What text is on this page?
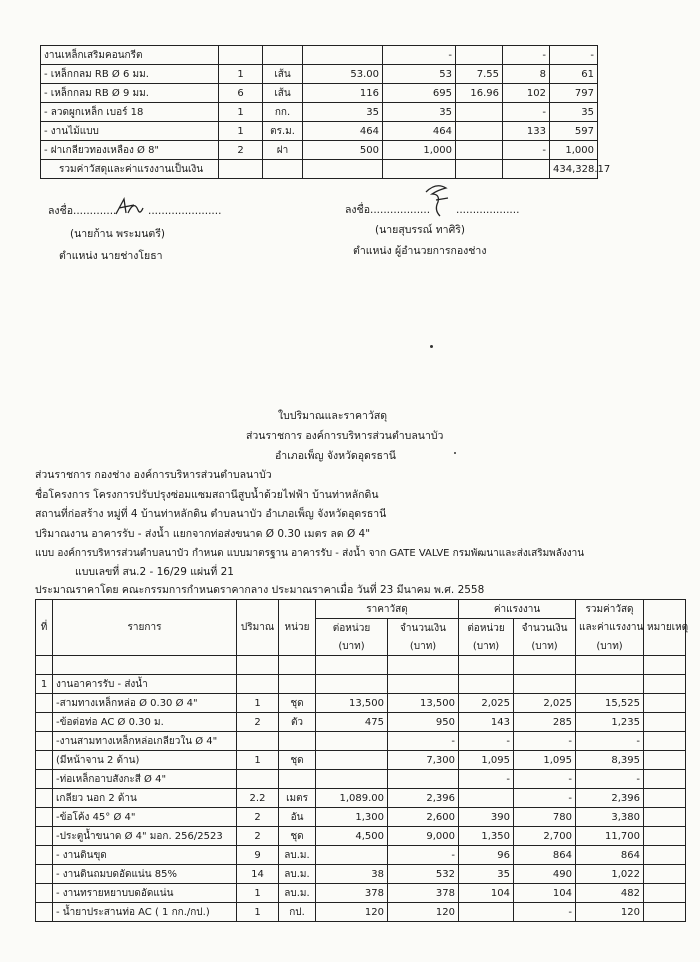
งานเหล็กเสริมคอนกรีต				-		-	-
- เหล็กกลม RB Ø 6 มม.	1	เส้น	53.00	53	7.55	8	61
- เหล็กกลม RB Ø 9 มม.	6	เส้น	116	695	16.96	102	797
- ลวดผูกเหล็ก เบอร์ 18	1	กก.	35	35		-	35
- งานไม้แบบ	1	ตร.ม.	464	464		133	597
- ฝาเกลียวทองเหลือง Ø 8"	2	ฝา	500	1,000		-	1,000
รวมค่าวัสดุและค่าแรงงานเป็นเงิน							434,328.17
ลงชื่อ.............	......................
(นายก้าน พระมนตรี)
ตำแหน่ง นายช่างโยธา
ลงชื่อ.................. ...................
(นายสุบรรณ์ ทาศิริ)
ตำแหน่ง ผู้อำนวยการกองช่าง
ใบปริมาณและราคาวัสดุ
ส่วนราชการ องค์การบริหารส่วนตำบลนาบัว
อำเภอเพ็ญ จังหวัดอุดรธานี
ส่วนราชการ กองช่าง องค์การบริหารส่วนตำบลนาบัว
ชื่อโครงการ โครงการปรับปรุงซ่อมแซมสถานีสูบน้ำด้วยไฟฟ้า บ้านท่าหลักดิน
สถานที่ก่อสร้าง หมู่ที่ 4 บ้านท่าหลักดิน ตำบลนาบัว อำเภอเพ็ญ จังหวัดอุดรธานี
ปริมาณงาน อาคารรับ - ส่งน้ำ แยกจากท่อส่งขนาด Ø 0.30 เมตร ลด Ø 4"
แบบ องค์การบริหารส่วนตำบลนาบัว กำหนด แบบมาตรฐาน อาคารรับ - ส่งน้ำ จาก GATE VALVE กรมพัฒนาและส่งเสริมพลังงาน
แบบเลขที่ สน.2 - 16/29 แผ่นที่ 21
ประมาณราคาโดย คณะกรรมการกำหนดราคากลาง ประมาณราคาเมื่อ วันที่ 23 มีนาคม พ.ศ. 2558
ที่	รายการ	ปริมาณ	หน่วย	ราคาวัสดุ		ค่าแรงงาน		รวมค่าวัสดุ	หมายเหตุ
				ต่อหน่วย	จำนวนเงิน	ต่อหน่วย	จำนวนเงิน	และค่าแรงงาน	
				(บาท)	(บาท)	(บาท)	(บาท)	(บาท)	

1	งานอาคารรับ - ส่งน้ำ								
	-สามทางเหล็กหล่อ Ø 0.30 Ø 4"	1	ชุด	13,500	13,500	2,025	2,025	15,525	
	-ข้อต่อท่อ AC Ø 0.30 ม.	2	ตัว	475	950	143	285	1,235	
	-งานสามทางเหล็กหล่อเกลียวใน Ø 4"				-	-	-	-	
	(มีหน้าจาน 2 ด้าน)	1	ชุด		7,300	1,095	1,095	8,395	
	-ท่อเหล็กอาบสังกะสี Ø 4"					-	-	-	
	เกลียว นอก 2 ด้าน	2.2	เมตร	1,089.00	2,396		-	2,396	
	-ข้อโค้ง 45° Ø 4"	2	อัน	1,300	2,600	390	780	3,380	
	-ประตูน้ำขนาด Ø 4" มอก. 256/2523	2	ชุด	4,500	9,000	1,350	2,700	11,700	
	- งานดินขุด	9	ลบ.ม.		-	96	864	864	
	- งานดินถมบดอัดแน่น 85%	14	ลบ.ม.	38	532	35	490	1,022	
	- งานทรายหยาบบดอัดแน่น	1	ลบ.ม.	378	378	104	104	482	
	- น้ำยาประสานท่อ AC ( 1 กก./กป.)	1	กป.	120	120		-	120	
